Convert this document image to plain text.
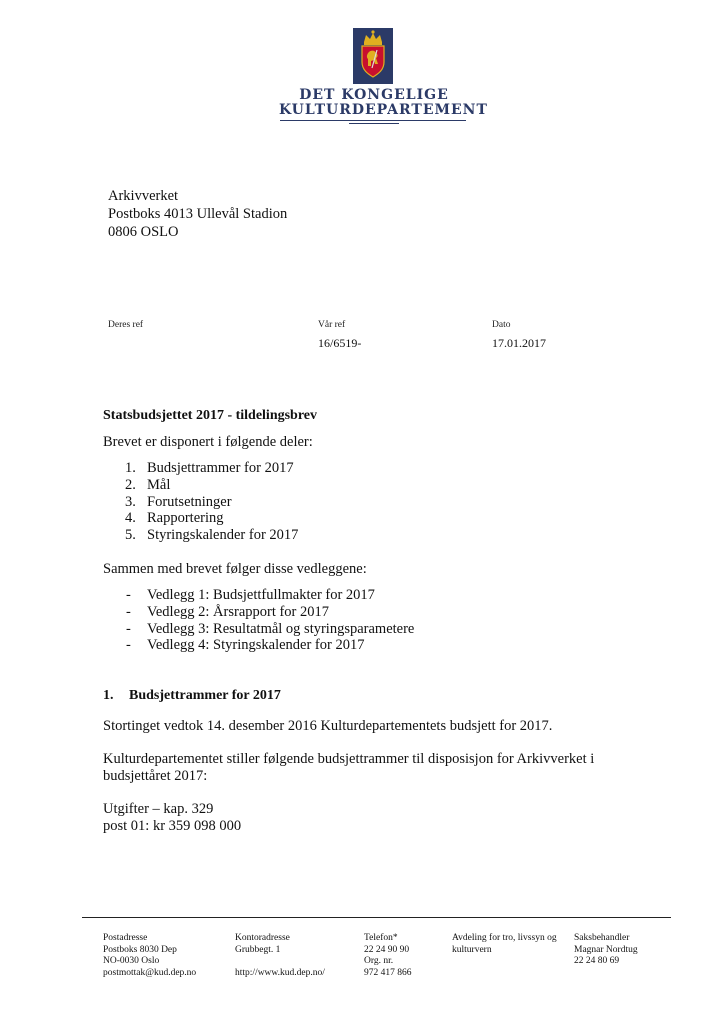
DET KONGELIGE
KULTURDEPARTEMENT
Arkivverket
Postboks 4013 Ullevål Stadion
0806 OSLO
Deres ref	Vår ref
16/6519-
Dato
17.01.2017
Statsbudsjettet 2017 - tildelingsbrev
Brevet er disponert i følgende deler:
1. Budsjettrammer for 2017
2. Mål
3. Forutsetninger
4. Rapportering
5. Styringskalender for 2017
Sammen med brevet følger disse vedleggene:
- Vedlegg 1: Budsjettfullmakter for 2017
- Vedlegg 2: Årsrapport for 2017
- Vedlegg 3: Resultatmål og styringsparametere
- Vedlegg 4: Styringskalender for 2017
1. Budsjettrammer for 2017
Stortinget vedtok 14. desember 2016 Kulturdepartementets budsjett for 2017.
Kulturdepartementet stiller følgende budsjettrammer til disposisjon for Arkivverket i
budsjettåret 2017:
Utgifter – kap. 329
post 01: kr 359 098 000
Postadresse
Postboks 8030 Dep
NO-0030 Oslo
postmottak@kud.dep.no
Kontoradresse
Grubbegt. 1

http://www.kud.dep.no/
Telefon*
22 24 90 90
Org. nr.
972 417 866
Avdeling for tro, livssyn og
kulturvern
Saksbehandler
Magnar Nordtug
22 24 80 69
